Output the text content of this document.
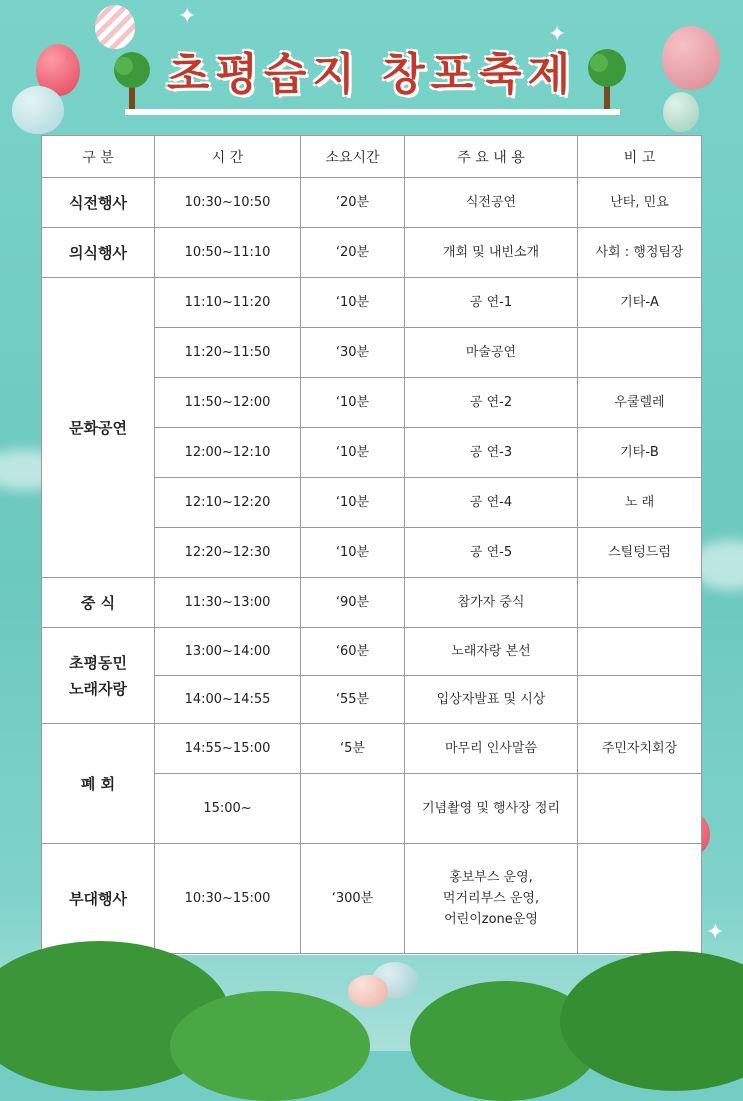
✦
✦
✦
초평습지 창포축제
구 분	시 간	소요시간	주 요 내 용	비 고
식전행사	10:30~10:50	‘20분	식전공연	난타, 민요
의식행사	10:50~11:10	‘20분	개회 및 내빈소개	사회 : 행정팀장
문화공연	11:10~11:20	‘10분	공 연-1	기타-A
	11:20~11:50	‘30분	마술공연	
	11:50~12:00	‘10분	공 연-2	우쿨렐레
	12:00~12:10	‘10분	공 연-3	기타-B
	12:10~12:20	‘10분	공 연-4	노 래
	12:20~12:30	‘10분	공 연-5	스틸텅드럼
중 식	11:30~13:00	‘90분	참가자 중식	
초평동민
노래자랑	13:00~14:00	‘60분	노래자랑 본선	
	14:00~14:55	‘55분	입상자발표 및 시상	
폐 회	14:55~15:00	‘5분	마무리 인사말씀	주민자치회장
	15:00~		기념촬영 및 행사장 정리	
부대행사	10:30~15:00	‘300분	홍보부스 운영,
먹거리부스 운영,
어린이zone운영	
